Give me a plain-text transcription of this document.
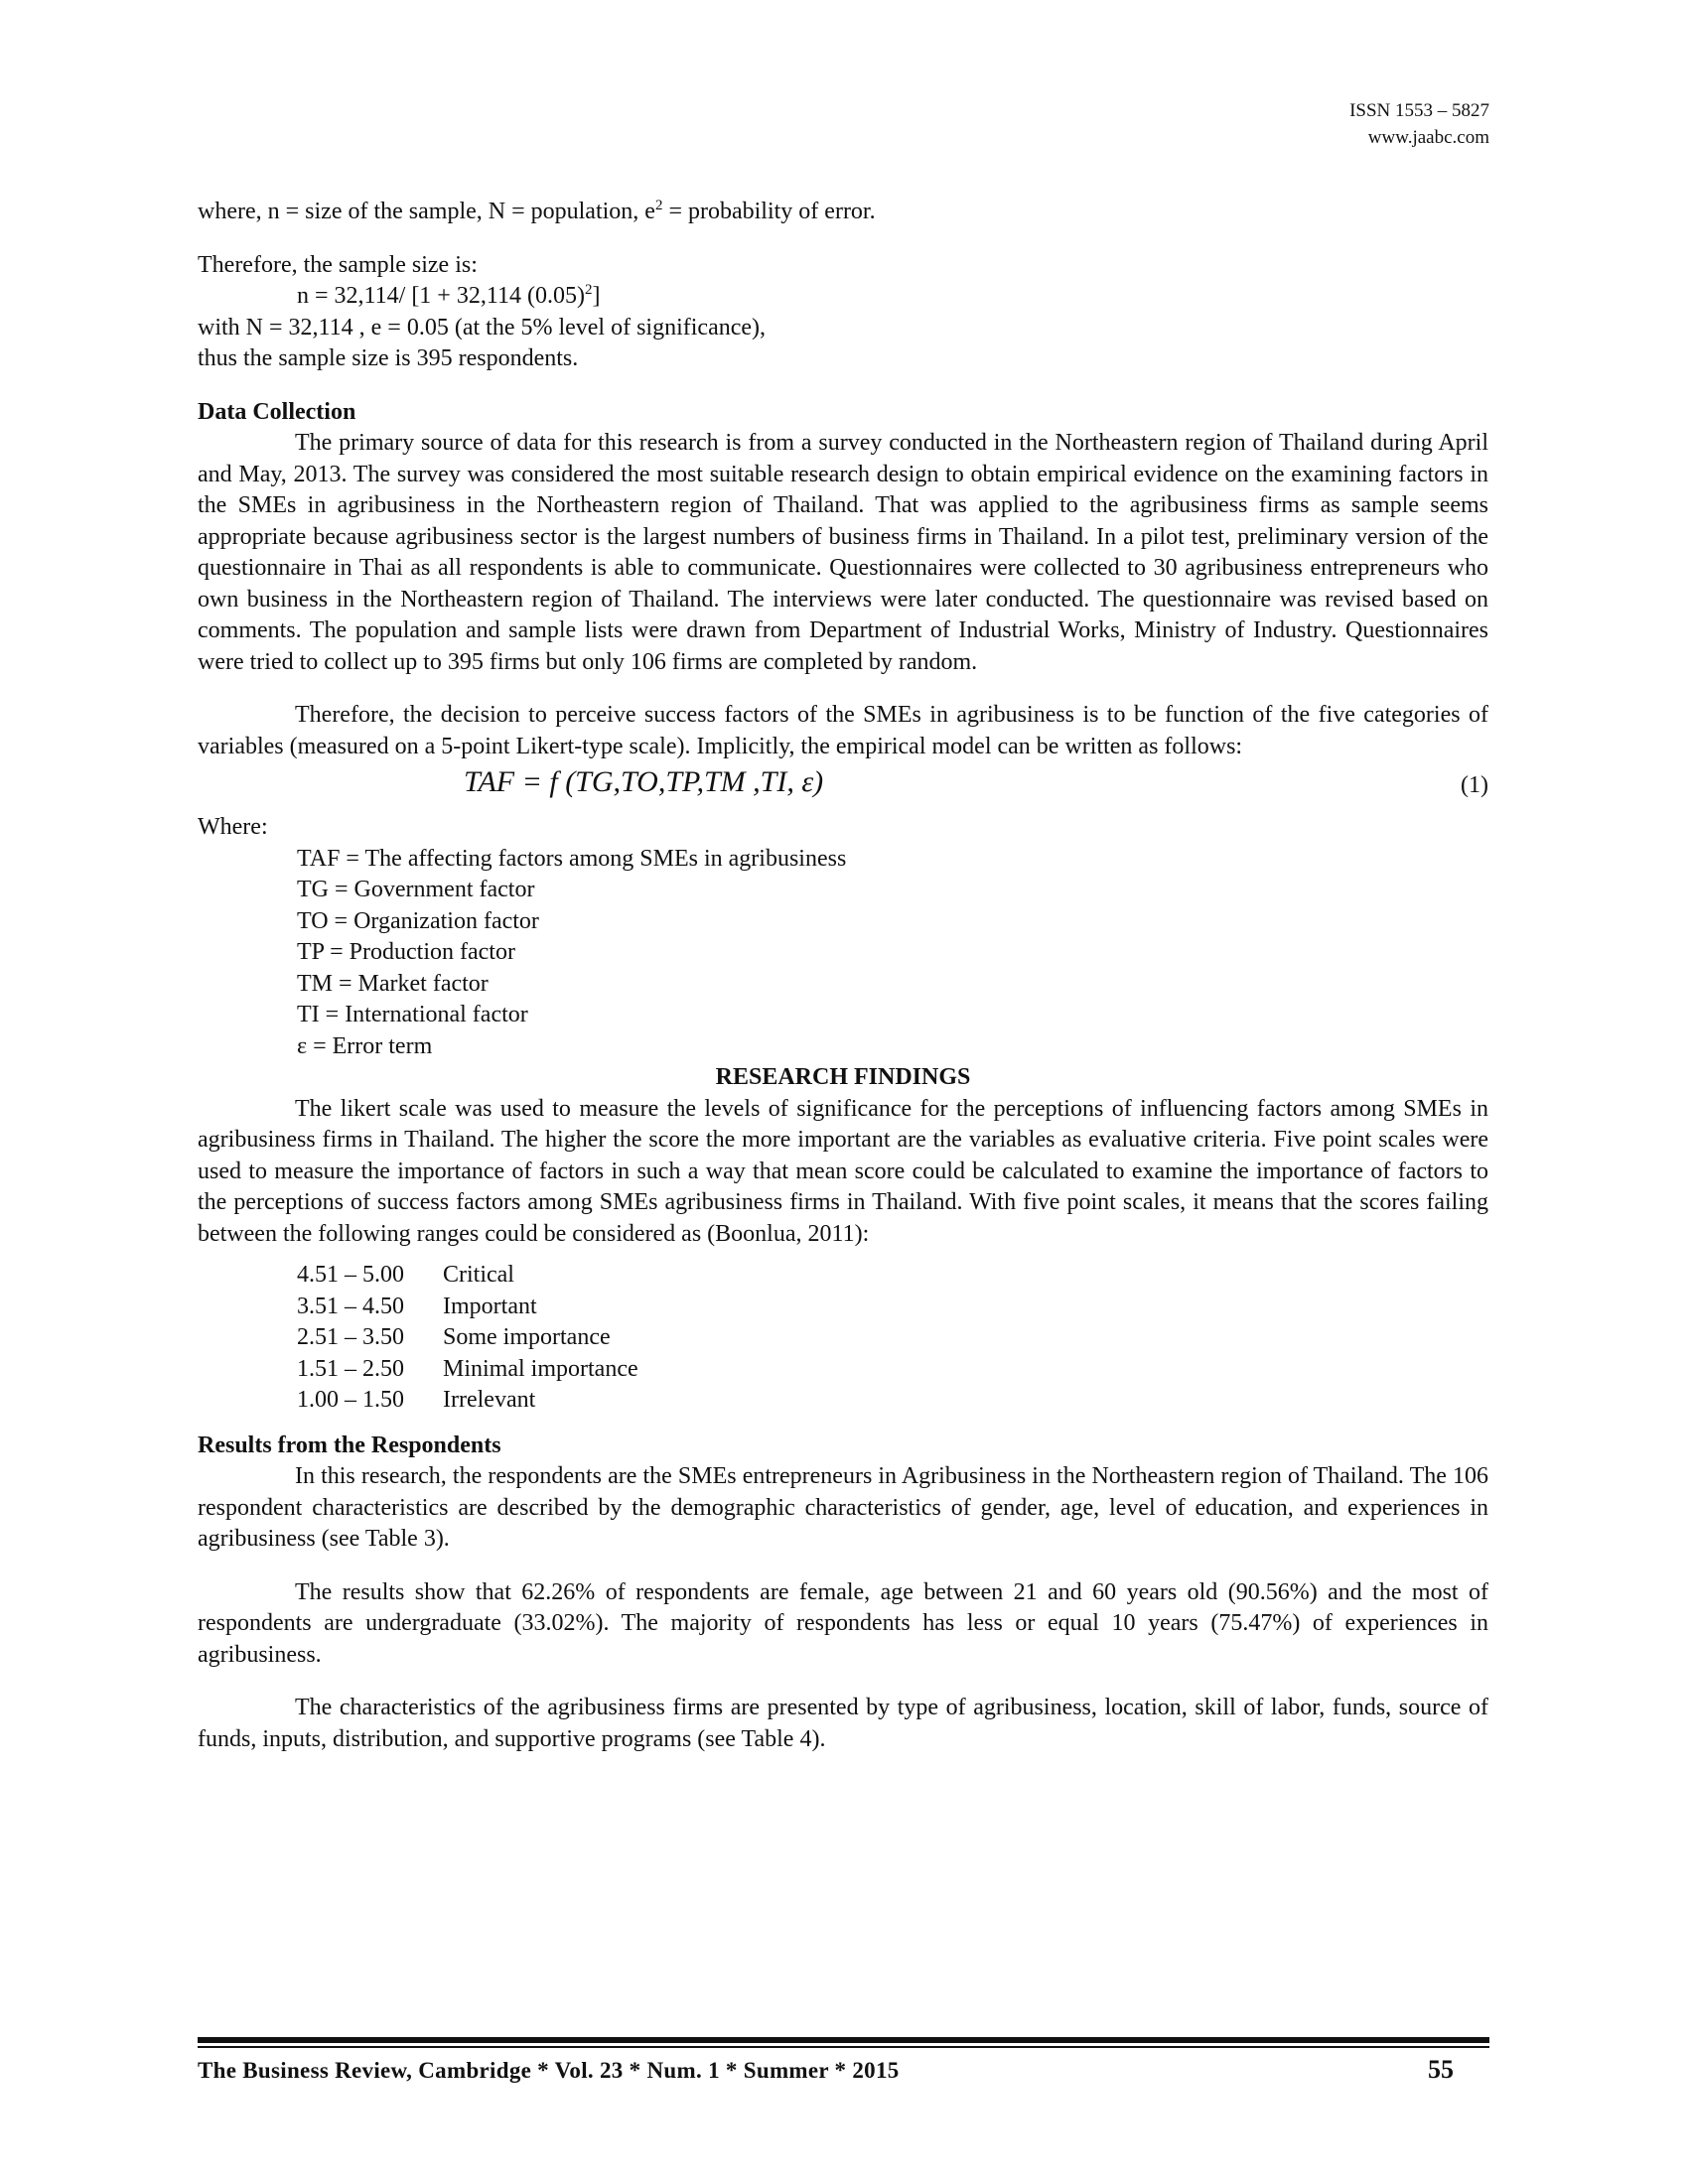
ISSN 1553 – 5827
www.jaabc.com

where, n = size of the sample, N = population, $e^2$ = probability of error.

Therefore, the sample size is:

n = 32,114/ [1 + 32,114 $(0.05)^2$]

with N = 32,114 , e = 0.05 (at the 5% level of significance),

thus the sample size is 395 respondents.

Data Collection

The primary source of data for this research is from a survey conducted in the Northeastern region of Thailand during April and May, 2013. The survey was considered the most suitable research design to obtain empirical evidence on the examining factors in the SMEs in agribusiness in the Northeastern region of Thailand. That was applied to the agribusiness firms as sample seems appropriate because agribusiness sector is the largest numbers of business firms in Thailand. In a pilot test, preliminary version of the questionnaire in Thai as all respondents is able to communicate. Questionnaires were collected to 30 agribusiness entrepreneurs who own business in the Northeastern region of Thailand. The interviews were later conducted. The questionnaire was revised based on comments. The population and sample lists were drawn from Department of Industrial Works, Ministry of Industry. Questionnaires were tried to collect up to 395 firms but only 106 firms are completed by random.

Therefore, the decision to perceive success factors of the SMEs in agribusiness is to be function of the five categories of variables (measured on a 5-point Likert-type scale). Implicitly, the empirical model can be written as follows:

TAF = f (TG,TO,TP,TM ,TI, ε)	(1)

Where:

TAF = The affecting factors among SMEs in agribusiness
TG = Government factor
TO = Organization factor
TP = Production factor
TM = Market factor
TI = International factor
ε = Error term

RESEARCH FINDINGS

The likert scale was used to measure the levels of significance for the perceptions of influencing factors among SMEs in agribusiness firms in Thailand. The higher the score the more important are the variables as evaluative criteria. Five point scales were used to measure the importance of factors in such a way that mean score could be calculated to examine the importance of factors to the perceptions of success factors among SMEs agribusiness firms in Thailand. With five point scales, it means that the scores failing between the following ranges could be considered as (Boonlua, 2011):

4.51 – 5.00	Critical
3.51 – 4.50	Important
2.51 – 3.50	Some importance
1.51 – 2.50	Minimal importance
1.00 – 1.50	Irrelevant

Results from the Respondents

In this research, the respondents are the SMEs entrepreneurs in Agribusiness in the Northeastern region of Thailand. The 106 respondent characteristics are described by the demographic characteristics of gender, age, level of education, and experiences in agribusiness (see Table 3).

The results show that 62.26% of respondents are female, age between 21 and 60 years old (90.56%) and the most of respondents are undergraduate (33.02%). The majority of respondents has less or equal 10 years (75.47%) of experiences in agribusiness.

The characteristics of the agribusiness firms are presented by type of agribusiness, location, skill of labor, funds, source of funds, inputs, distribution, and supportive programs (see Table 4).

The Business Review, Cambridge * Vol. 23 * Num. 1 * Summer * 2015	55
